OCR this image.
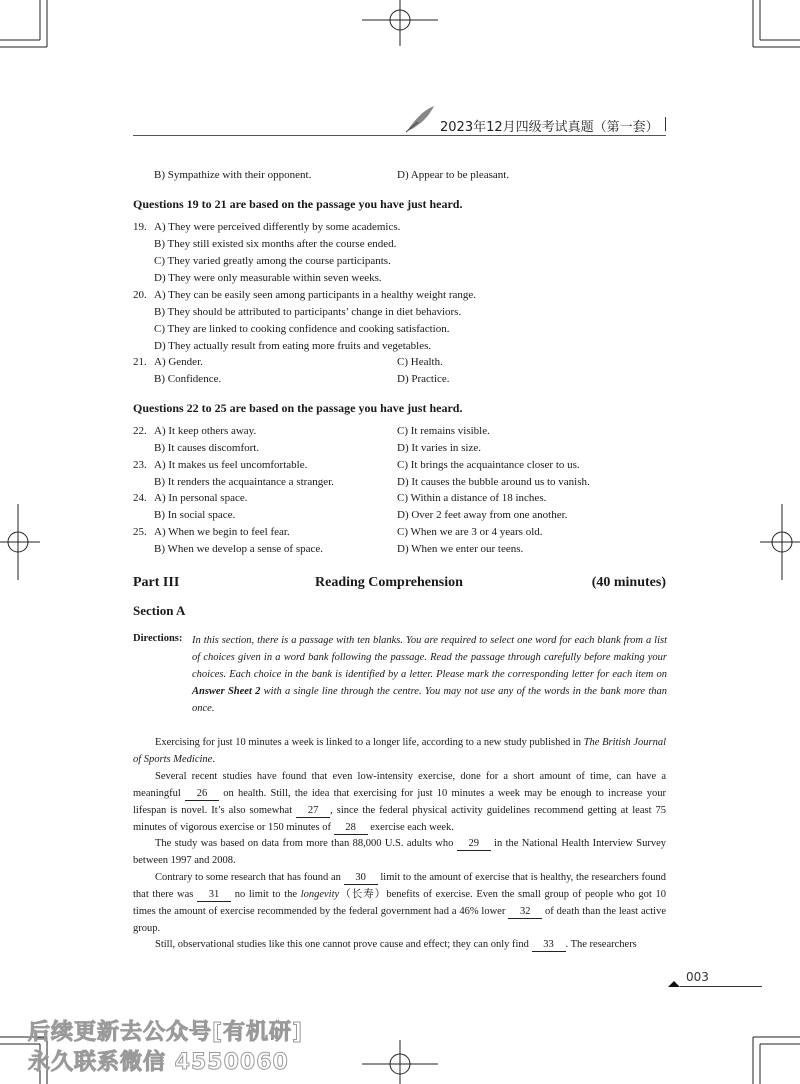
2023年12月四级考试真题（第一套）
B) Sympathize with their opponent.	D) Appear to be pleasant.
Questions 19 to 21 are based on the passage you have just heard.
19. A) They were perceived differently by some academics.
B) They still existed six months after the course ended.
C) They varied greatly among the course participants.
D) They were only measurable within seven weeks.
20. A) They can be easily seen among participants in a healthy weight range.
B) They should be attributed to participants’ change in diet behaviors.
C) They are linked to cooking confidence and cooking satisfaction.
D) They actually result from eating more fruits and vegetables.
21. A) Gender.	C) Health.
B) Confidence.	D) Practice.
Questions 22 to 25 are based on the passage you have just heard.
22. A) It keep others away.	C) It remains visible.
B) It causes discomfort.	D) It varies in size.
23. A) It makes us feel uncomfortable.	C) It brings the acquaintance closer to us.
B) It renders the acquaintance a stranger.	D) It causes the bubble around us to vanish.
24. A) In personal space.	C) Within a distance of 18 inches.
B) In social space.	D) Over 2 feet away from one another.
25. A) When we begin to feel fear.	C) When we are 3 or 4 years old.
B) When we develop a sense of space.	D) When we enter our teens.
Part III	Reading Comprehension	(40 minutes)
Section A
Directions: In this section, there is a passage with ten blanks. You are required to select one word for each blank from a list of choices given in a word bank following the passage. Read the passage through carefully before making your choices. Each choice in the bank is identified by a letter. Please mark the corresponding letter for each item on Answer Sheet 2 with a single line through the centre. You may not use any of the words in the bank more than once.
Exercising for just 10 minutes a week is linked to a longer life, according to a new study published in The British Journal of Sports Medicine.
Several recent studies have found that even low-intensity exercise, done for a short amount of time, can have a meaningful 26 on health. Still, the idea that exercising for just 10 minutes a week may be enough to increase your lifespan is novel. It’s also somewhat 27 , since the federal physical activity guidelines recommend getting at least 75 minutes of vigorous exercise or 150 minutes of 28 exercise each week.
The study was based on data from more than 88,000 U.S. adults who 29 in the National Health Interview Survey between 1997 and 2008.
Contrary to some research that has found an 30 limit to the amount of exercise that is healthy, the researchers found that there was 31 no limit to the longevity（长寿）benefits of exercise. Even the small group of people who got 10 times the amount of exercise recommended by the federal government had a 46% lower 32 of death than the least active group.
Still, observational studies like this one cannot prove cause and effect; they can only find 33 . The researchers
003
后续更新去公众号[有机研]
永久联系微信 4550060
